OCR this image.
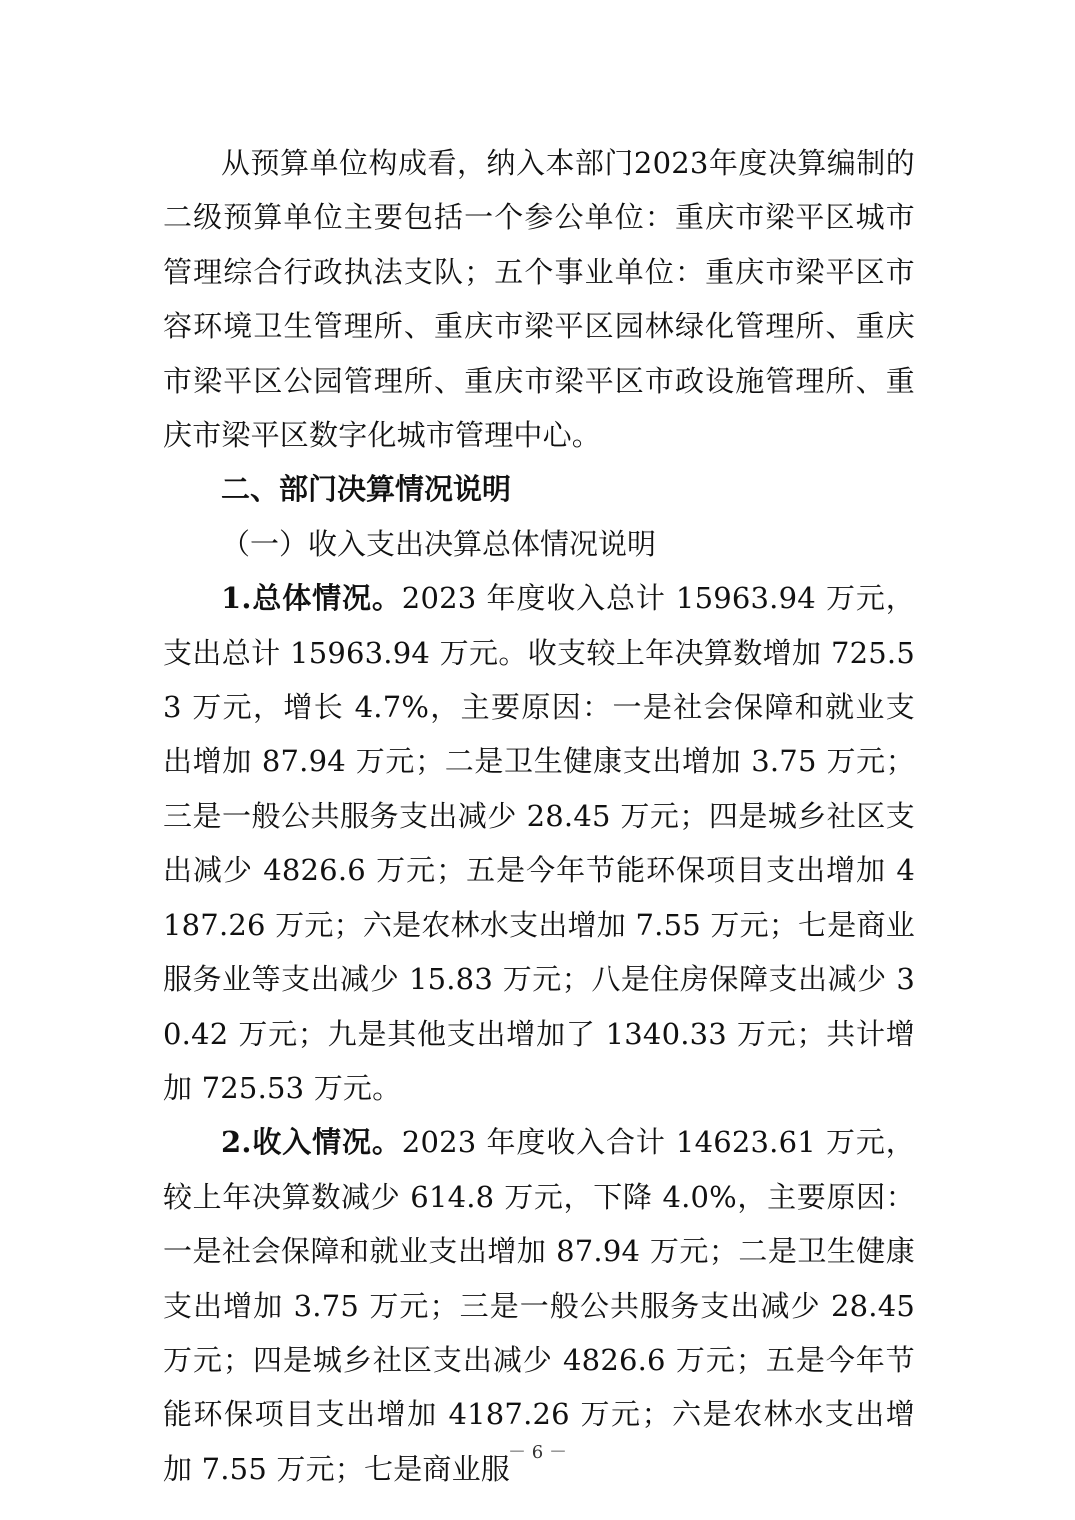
从预算单位构成看，纳入本部门2023年度决算编制的二级预算单位主要包括一个参公单位：重庆市梁平区城市管理综合行政执法支队；五个事业单位：重庆市梁平区市容环境卫生管理所、重庆市梁平区园林绿化管理所、重庆市梁平区公园管理所、重庆市梁平区市政设施管理所、重庆市梁平区数字化城市管理中心。

二、部门决算情况说明

（一）收入支出决算总体情况说明

1.总体情况。2023 年度收入总计 15963.94 万元，支出总计 15963.94 万元。收支较上年决算数增加 725.53 万元，增长 4.7%，主要原因：一是社会保障和就业支出增加 87.94 万元；二是卫生健康支出增加 3.75 万元；三是一般公共服务支出减少 28.45 万元；四是城乡社区支出减少 4826.6 万元；五是今年节能环保项目支出增加 4187.26 万元；六是农林水支出增加 7.55 万元；七是商业服务业等支出减少 15.83 万元；八是住房保障支出减少 30.42 万元；九是其他支出增加了 1340.33 万元；共计增加 725.53 万元。

2.收入情况。2023 年度收入合计 14623.61 万元，较上年决算数减少 614.8 万元，下降 4.0%，主要原因：一是社会保障和就业支出增加 87.94 万元；二是卫生健康支出增加 3.75 万元；三是一般公共服务支出减少 28.45 万元；四是城乡社区支出减少 4826.6 万元；五是今年节能环保项目支出增加 4187.26 万元；六是农林水支出增加 7.55 万元；七是商业服

－ 6 －
